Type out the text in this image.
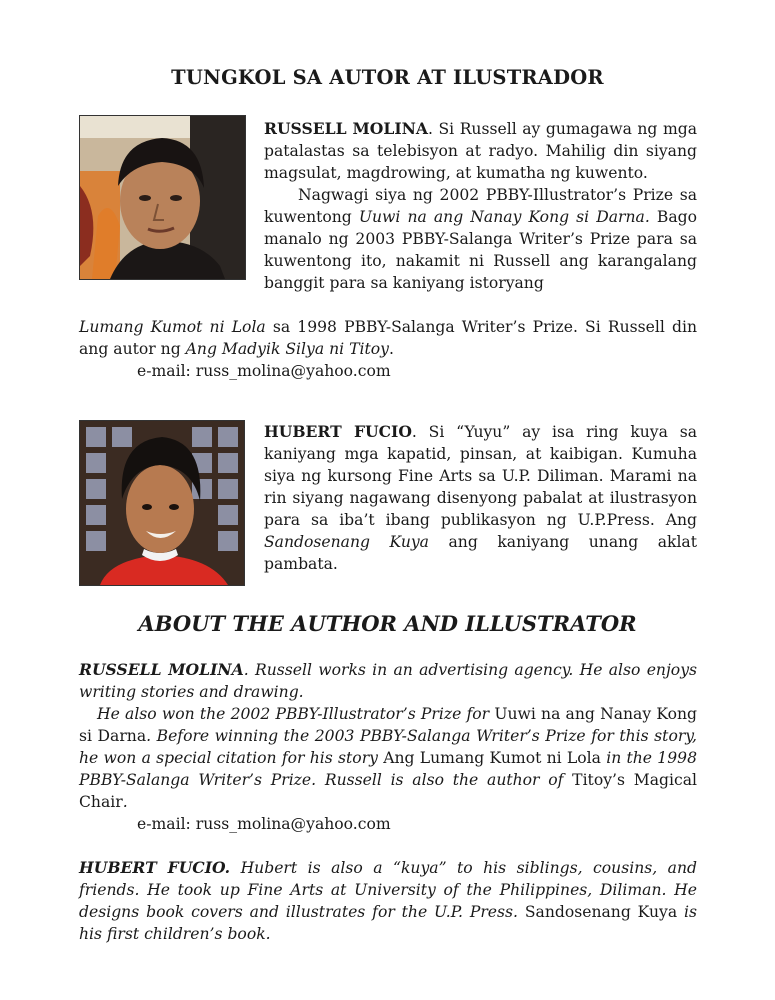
TUNGKOL SA AUTOR AT ILUSTRADOR

RUSSELL MOLINA. Si Russell ay gumagawa ng mga patalastas sa telebisyon at radyo. Mahilig din siyang magsulat, magdrowing, at kumatha ng kuwento.

Nagwagi siya ng 2002 PBBY-Illustrator’s Prize sa kuwentong Uuwi na ang Nanay Kong si Darna. Bago manalo ng 2003 PBBY-Salanga Writer’s Prize para sa kuwentong ito, nakamit ni Russell ang karangalang banggit para sa kaniyang istoryang

Lumang Kumot ni Lola sa 1998 PBBY-Salanga Writer’s Prize. Si Russell din ang autor ng Ang Madyik Silya ni Titoy.

e-mail: russ_molina@yahoo.com

HUBERT FUCIO. Si “Yuyu” ay isa ring kuya sa kaniyang mga kapatid, pinsan, at kaibigan. Kumuha siya ng kursong Fine Arts sa U.P. Diliman. Marami na rin siyang nagawang disenyong pabalat at ilustrasyon para sa iba’t ibang publikasyon ng U.P.Press. Ang Sandosenang Kuya ang kaniyang unang aklat pambata.

ABOUT THE AUTHOR AND ILLUSTRATOR

RUSSELL MOLINA. Russell works in an advertising agency. He also enjoys writing stories and drawing.

He also won the 2002 PBBY-Illustrator’s Prize for Uuwi na ang Nanay Kong si Darna. Before winning the 2003 PBBY-Salanga Writer’s Prize for this story, he won a special citation for his story Ang Lumang Kumot ni Lola in the 1998 PBBY-Salanga Writer’s Prize. Russell is also the author of Titoy’s Magical Chair.

e-mail: russ_molina@yahoo.com

HUBERT FUCIO. Hubert is also a “kuya” to his siblings, cousins, and friends. He took up Fine Arts at University of the Philippines, Diliman. He designs book covers and illustrates for the U.P. Press. Sandosenang Kuya is his first children’s book.
